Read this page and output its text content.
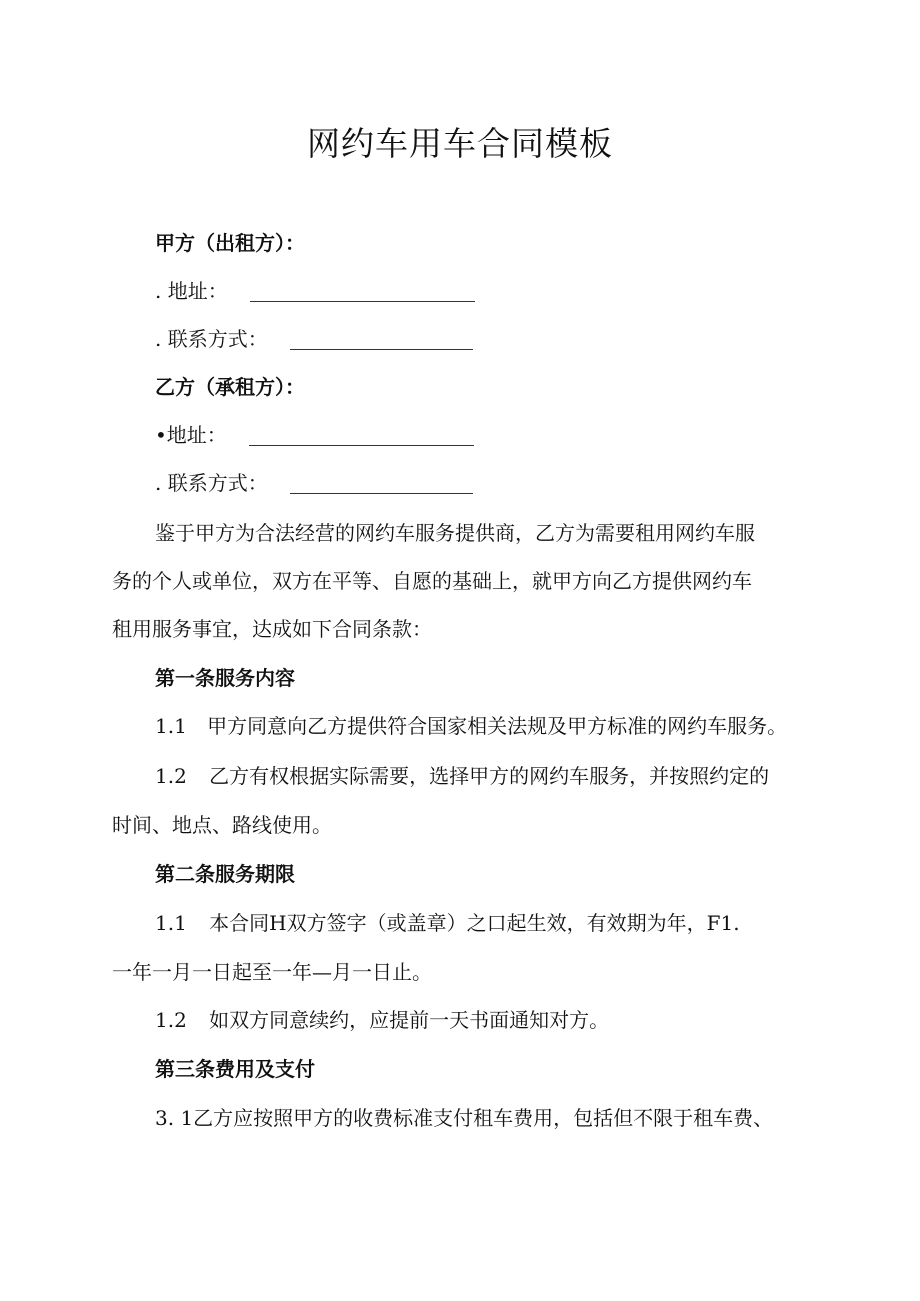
网约车用车合同模板
甲方（出租方）：
. 地址：
. 联系方式：
乙方（承租方）：
•地址：
. 联系方式：
鉴于甲方为合法经营的网约车服务提供商，乙方为需要租用网约车服
务的个人或单位，双方在平等、自愿的基础上，就甲方向乙方提供网约车
租用服务事宜，达成如下合同条款：
第一条服务内容
1.1 甲方同意向乙方提供符合国家相关法规及甲方标准的网约车服务。
1.2 乙方有权根据实际需要，选择甲方的网约车服务，并按照约定的
时间、地点、路线使用。
第二条服务期限
1.1 本合同H双方签字（或盖章）之口起生效，有效期为年，F1.
一年一月一日起至一年—月一日止。
1.2 如双方同意续约，应提前一天书面通知对方。
第三条费用及支付
3. 1乙方应按照甲方的收费标准支付租车费用，包括但不限于租车费、
